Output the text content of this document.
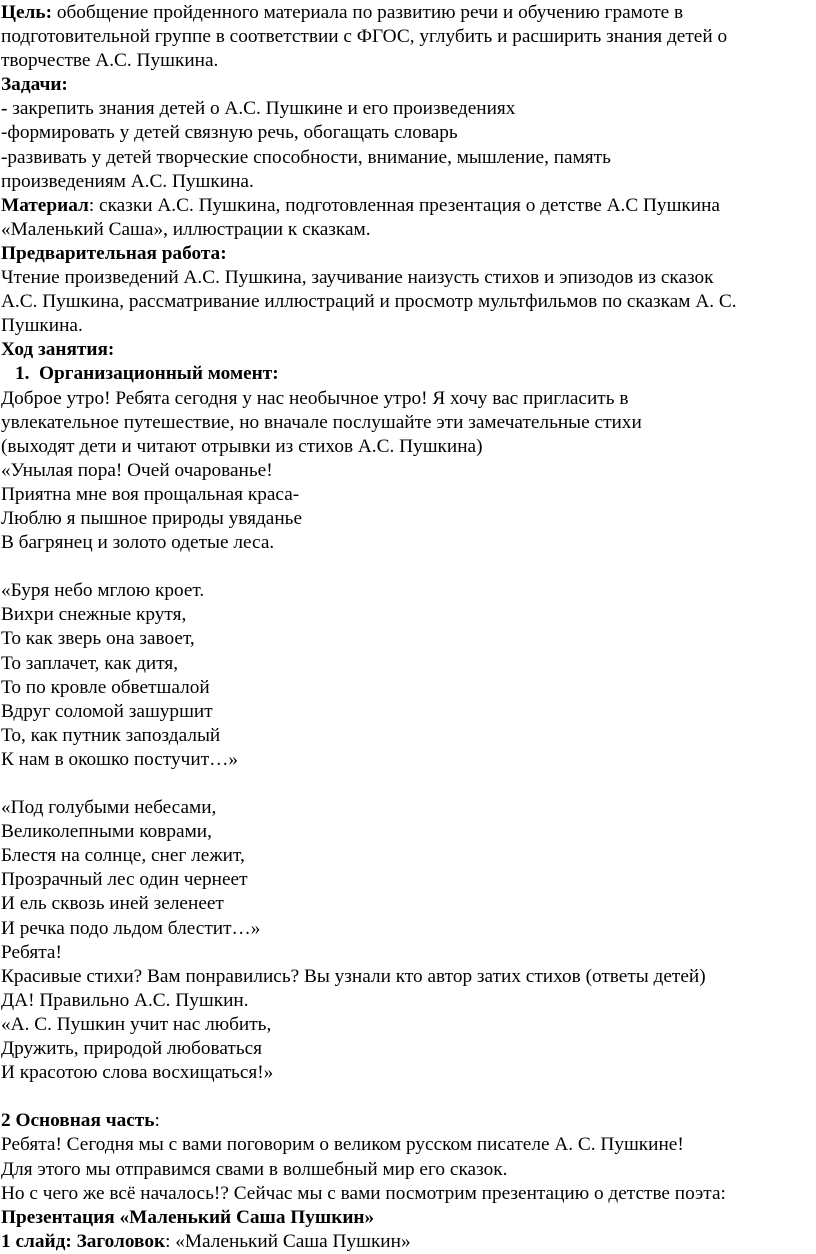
Цель: обобщение пройденного материала по развитию речи и обучению грамоте в
подготовительной группе в соответствии с ФГОС, углубить и расширить знания детей о
творчестве А.С. Пушкина.
Задачи:
- закрепить знания детей о А.С. Пушкине и его произведениях
-формировать у детей связную речь, обогащать словарь
-развивать у детей творческие способности, внимание, мышление, память
произведениям А.С. Пушкина.
Материал: сказки А.С. Пушкина, подготовленная презентация о детстве А.С Пушкина
«Маленький Саша», иллюстрации к сказкам.
Предварительная работа:
Чтение произведений А.С. Пушкина, заучивание наизусть стихов и эпизодов из сказок
А.С. Пушкина, рассматривание иллюстраций и просмотр мультфильмов по сказкам А. С.
Пушкина.
Ход занятия:
1. Организационный момент:
Доброе утро! Ребята сегодня у нас необычное утро! Я хочу вас пригласить в
увлекательное путешествие, но вначале послушайте эти замечательные стихи
(выходят дети и читают отрывки из стихов А.С. Пушкина)
«Унылая пора! Очей очарованье!
Приятна мне воя прощальная краса-
Люблю я пышное природы увяданье
В багрянец и золото одетые леса.
«Буря небо мглою кроет.
Вихри снежные крутя,
То как зверь она завоет,
То заплачет, как дитя,
То по кровле обветшалой
Вдруг соломой зашуршит
То, как путник запоздалый
К нам в окошко постучит…»
«Под голубыми небесами,
Великолепными коврами,
Блестя на солнце, снег лежит,
Прозрачный лес один чернеет
И ель сквозь иней зеленеет
И речка подо льдом блестит…»
Ребята!
Красивые стихи? Вам понравились? Вы узнали кто автор затих стихов (ответы детей)
ДА! Правильно А.С. Пушкин.
«А. С. Пушкин учит нас любить,
Дружить, природой любоваться
И красотою слова восхищаться!»
2 Основная часть:
Ребята! Сегодня мы с вами поговорим о великом русском писателе А. С. Пушкине!
Для этого мы отправимся свами в волшебный мир его сказок.
Но с чего же всё началось!? Сейчас мы с вами посмотрим презентацию о детстве поэта:
Презентация «Маленький Саша Пушкин»
1 слайд: Заголовок: «Маленький Саша Пушкин»
